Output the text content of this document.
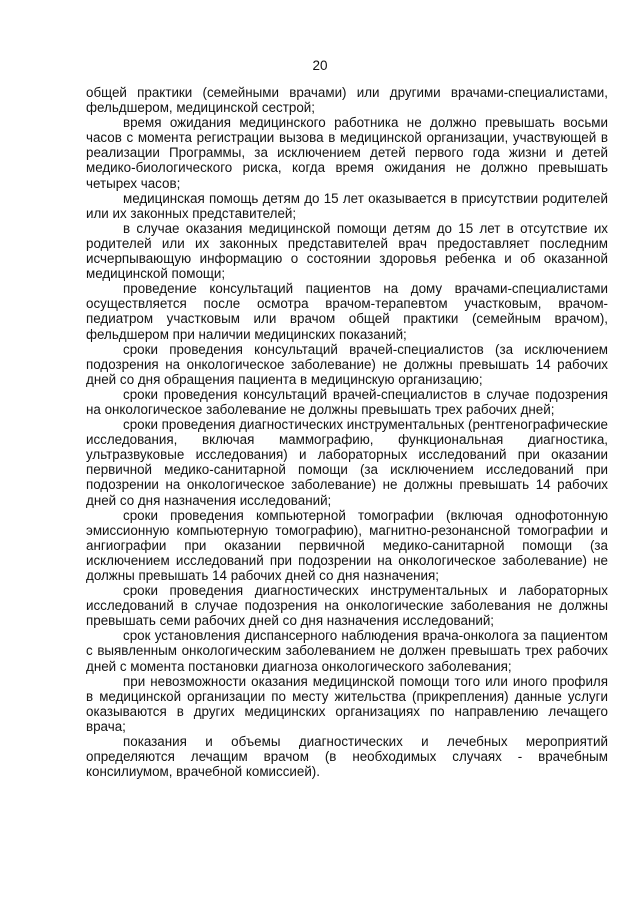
20

общей практики (семейными врачами) или другими врачами-специалистами, фельдшером, медицинской сестрой;

время ожидания медицинского работника не должно превышать восьми часов с момента регистрации вызова в медицинской организации, участвующей в реализации Программы, за исключением детей первого года жизни и детей медико-биологического риска, когда время ожидания не должно превышать четырех часов;

медицинская помощь детям до 15 лет оказывается в присутствии родителей или их законных представителей;

в случае оказания медицинской помощи детям до 15 лет в отсутствие их родителей или их законных представителей врач предоставляет последним исчерпывающую информацию о состоянии здоровья ребенка и об оказанной медицинской помощи;

проведение консультаций пациентов на дому врачами-специалистами осуществляется после осмотра врачом-терапевтом участковым, врачом-педиатром участковым или врачом общей практики (семейным врачом), фельдшером при наличии медицинских показаний;

сроки проведения консультаций врачей-специалистов (за исключением подозрения на онкологическое заболевание) не должны превышать 14 рабочих дней со дня обращения пациента в медицинскую организацию;

сроки проведения консультаций врачей-специалистов в случае подозрения на онкологическое заболевание не должны превышать трех рабочих дней;

сроки проведения диагностических инструментальных (рентгенографические исследования, включая маммографию, функциональная диагностика, ультразвуковые исследования) и лабораторных исследований при оказании первичной медико-санитарной помощи (за исключением исследований при подозрении на онкологическое заболевание) не должны превышать 14 рабочих дней со дня назначения исследований;

сроки проведения компьютерной томографии (включая однофотонную эмиссионную компьютерную томографию), магнитно-резонансной томографии и ангиографии при оказании первичной медико-санитарной помощи (за исключением исследований при подозрении на онкологическое заболевание) не должны превышать 14 рабочих дней со дня назначения;

сроки проведения диагностических инструментальных и лабораторных исследований в случае подозрения на онкологические заболевания не должны превышать семи рабочих дней со дня назначения исследований;

срок установления диспансерного наблюдения врача-онколога за пациентом с выявленным онкологическим заболеванием не должен превышать трех рабочих дней с момента постановки диагноза онкологического заболевания;

при невозможности оказания медицинской помощи того или иного профиля в медицинской организации по месту жительства (прикрепления) данные услуги оказываются в других медицинских организациях по направлению лечащего врача;

показания и объемы диагностических и лечебных мероприятий определяются лечащим врачом (в необходимых случаях - врачебным консилиумом, врачебной комиссией).
